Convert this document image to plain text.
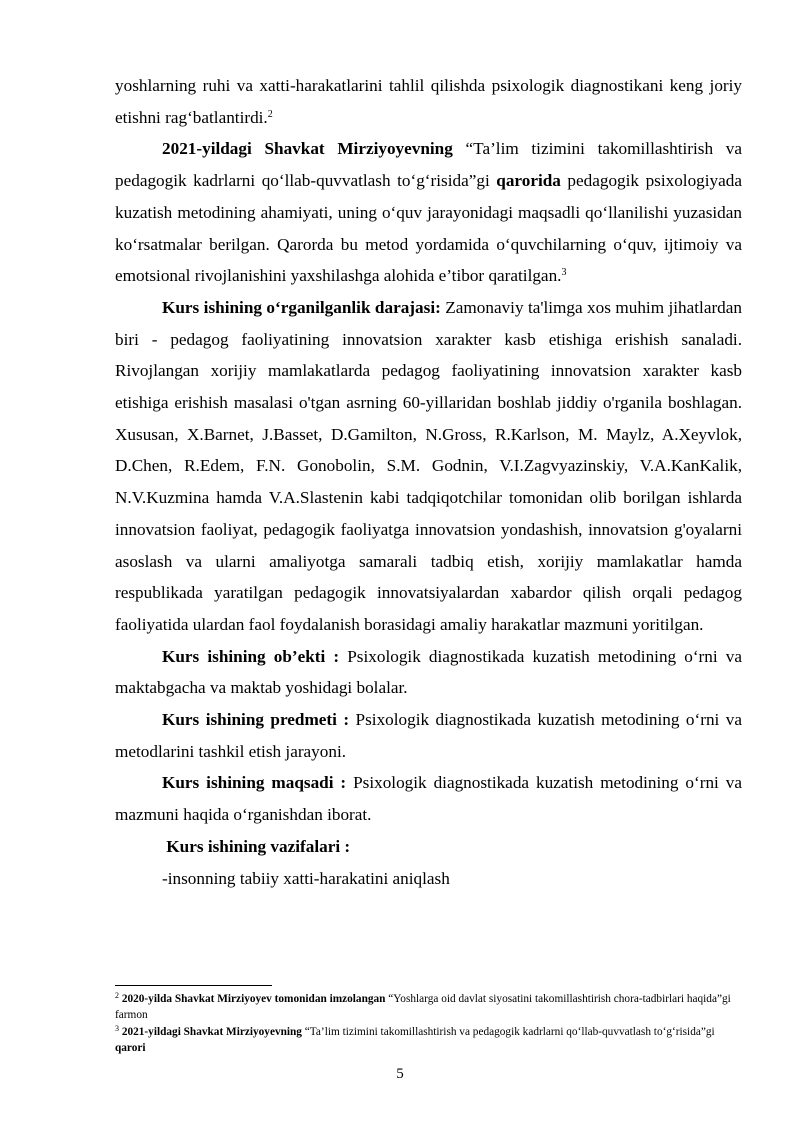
yoshlarning ruhi va xatti-harakatlarini tahlil qilishda psixologik diagnostikani keng joriy etishni rag‘batlantirdi.$^2$

2021-yildagi Shavkat Mirziyoyevning “Ta’lim tizimini takomillashtirish va pedagogik kadrlarni qo‘llab-quvvatlash to‘g‘risida”gi qarorida pedagogik psixologiyada kuzatish metodining ahamiyati, uning o‘quv jarayonidagi maqsadli qo‘llanilishi yuzasidan ko‘rsatmalar berilgan. Qarorda bu metod yordamida o‘quvchilarning o‘quv, ijtimoiy va emotsional rivojlanishini yaxshilashga alohida e’tibor qaratilgan.$^3$

Kurs ishining o‘rganilganlik darajasi: Zamonaviy ta'limga xos muhim jihatlardan biri - pedagog faoliyatining innovatsion xarakter kasb etishiga erishish sanaladi. Rivojlangan xorijiy mamlakatlarda pedagog faoliyatining innovatsion xarakter kasb etishiga erishish masalasi o'tgan asrning 60-yillaridan boshlab jiddiy o'rganila boshlagan. Xususan, X.Barnet, J.Basset, D.Gamilton, N.Gross, R.Karlson, M. Maylz, A.Xeyvlok, D.Chen, R.Edem, F.N. Gonobolin, S.M. Godnin, V.I.Zagvyazinskiy, V.A.KanKalik, N.V.Kuzmina hamda V.A.Slastenin kabi tadqiqotchilar tomonidan olib borilgan ishlarda innovatsion faoliyat, pedagogik faoliyatga innovatsion yondashish, innovatsion g'oyalarni asoslash va ularni amaliyotga samarali tadbiq etish, xorijiy mamlakatlar hamda respublikada yaratilgan pedagogik innovatsiyalardan xabardor qilish orqali pedagog faoliyatida ulardan faol foydalanish borasidagi amaliy harakatlar mazmuni yoritilgan.

Kurs ishining ob’ekti : Psixologik diagnostikada kuzatish metodining o‘rni va maktabgacha va maktab yoshidagi bolalar.

Kurs ishining predmeti : Psixologik diagnostikada kuzatish metodining o‘rni va metodlarini tashkil etish jarayoni.

Kurs ishining maqsadi : Psixologik diagnostikada kuzatish metodining o‘rni va mazmuni haqida o‘rganishdan iborat.

Kurs ishining vazifalari :

-insonning tabiiy xatti-harakatini aniqlash

$^2$ 2020-yilda Shavkat Mirziyoyev tomonidan imzolangan “Yoshlarga oid davlat siyosatini takomillashtirish chora-tadbirlari haqida”gi farmon

$^3$ 2021-yildagi Shavkat Mirziyoyevning “Ta’lim tizimini takomillashtirish va pedagogik kadrlarni qo‘llab-quvvatlash to‘g‘risida”gi qarori

5
